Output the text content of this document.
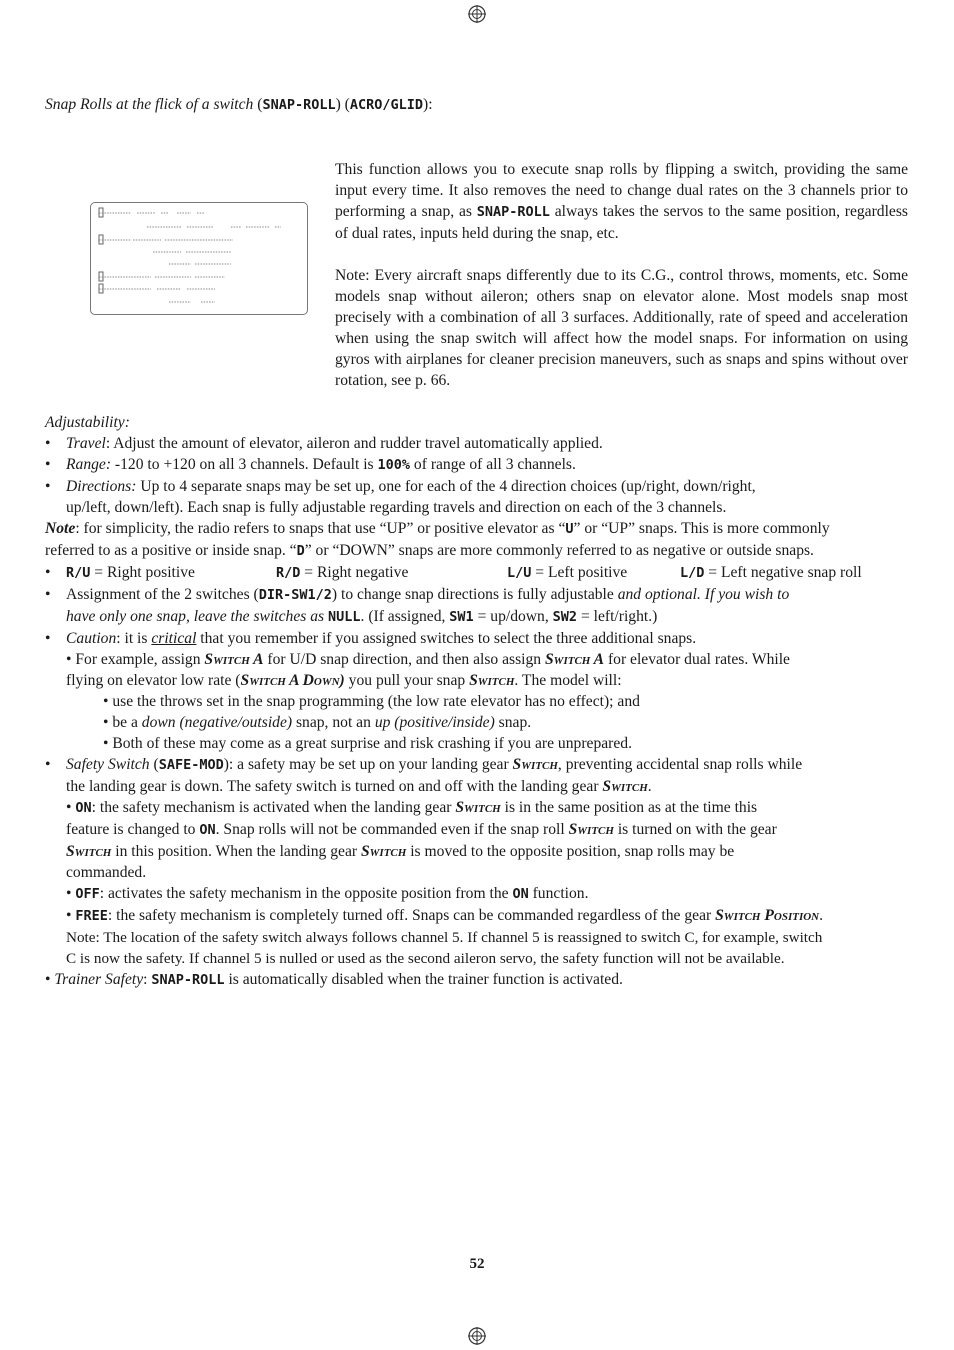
Snap Rolls at the flick of a switch (SNAP-ROLL) (ACRO/GLID):

This function allows you to execute snap rolls by flipping a switch, providing the same input every time. It also removes the need to change dual rates on the 3 channels prior to performing a snap, as SNAP-ROLL always takes the servos to the same position, regardless of dual rates, inputs held during the snap, etc.

Note: Every aircraft snaps differently due to its C.G., control throws, moments, etc. Some models snap without aileron; others snap on elevator alone. Most models snap most precisely with a combination of all 3 surfaces. Additionally, rate of speed and acceleration when using the snap switch will affect how the model snaps. For information on using gyros with airplanes for cleaner precision maneuvers, such as snaps and spins without over rotation, see p. 66.

Adjustability:
• Travel: Adjust the amount of elevator, aileron and rudder travel automatically applied.
• Range: -120 to +120 on all 3 channels. Default is 100% of range of all 3 channels.
• Directions: Up to 4 separate snaps may be set up, one for each of the 4 direction choices (up/right, down/right,
up/left, down/left). Each snap is fully adjustable regarding travels and direction on each of the 3 channels.
Note: for simplicity, the radio refers to snaps that use “UP” or positive elevator as “U” or “UP” snaps. This is more commonly
referred to as a positive or inside snap. “D” or “DOWN” snaps are more commonly referred to as negative or outside snaps.
• R/U = Right positive	R/D = Right negative	L/U = Left positive	L/D = Left negative snap roll
• Assignment of the 2 switches (DIR-SW1/2) to change snap directions is fully adjustable and optional. If you wish to
have only one snap, leave the switches as NULL. (If assigned, SW1 = up/down, SW2 = left/right.)
• Caution: it is critical that you remember if you assigned switches to select the three additional snaps.
• For example, assign Switch A for U/D snap direction, and then also assign Switch A for elevator dual rates. While
flying on elevator low rate (Switch A Down) you pull your snap Switch. The model will:
• use the throws set in the snap programming (the low rate elevator has no effect); and
• be a down (negative/outside) snap, not an up (positive/inside) snap.
• Both of these may come as a great surprise and risk crashing if you are unprepared.
• Safety Switch (SAFE-MOD): a safety may be set up on your landing gear Switch, preventing accidental snap rolls while
the landing gear is down. The safety switch is turned on and off with the landing gear Switch.
• ON: the safety mechanism is activated when the landing gear Switch is in the same position as at the time this
feature is changed to ON. Snap rolls will not be commanded even if the snap roll Switch is turned on with the gear
Switch in this position. When the landing gear Switch is moved to the opposite position, snap rolls may be
commanded.
• OFF: activates the safety mechanism in the opposite position from the ON function.
• FREE: the safety mechanism is completely turned off. Snaps can be commanded regardless of the gear Switch Position.
Note: The location of the safety switch always follows channel 5. If channel 5 is reassigned to switch C, for example, switch
C is now the safety. If channel 5 is nulled or used as the second aileron servo, the safety function will not be available.
• Trainer Safety: SNAP-ROLL is automatically disabled when the trainer function is activated.
52
